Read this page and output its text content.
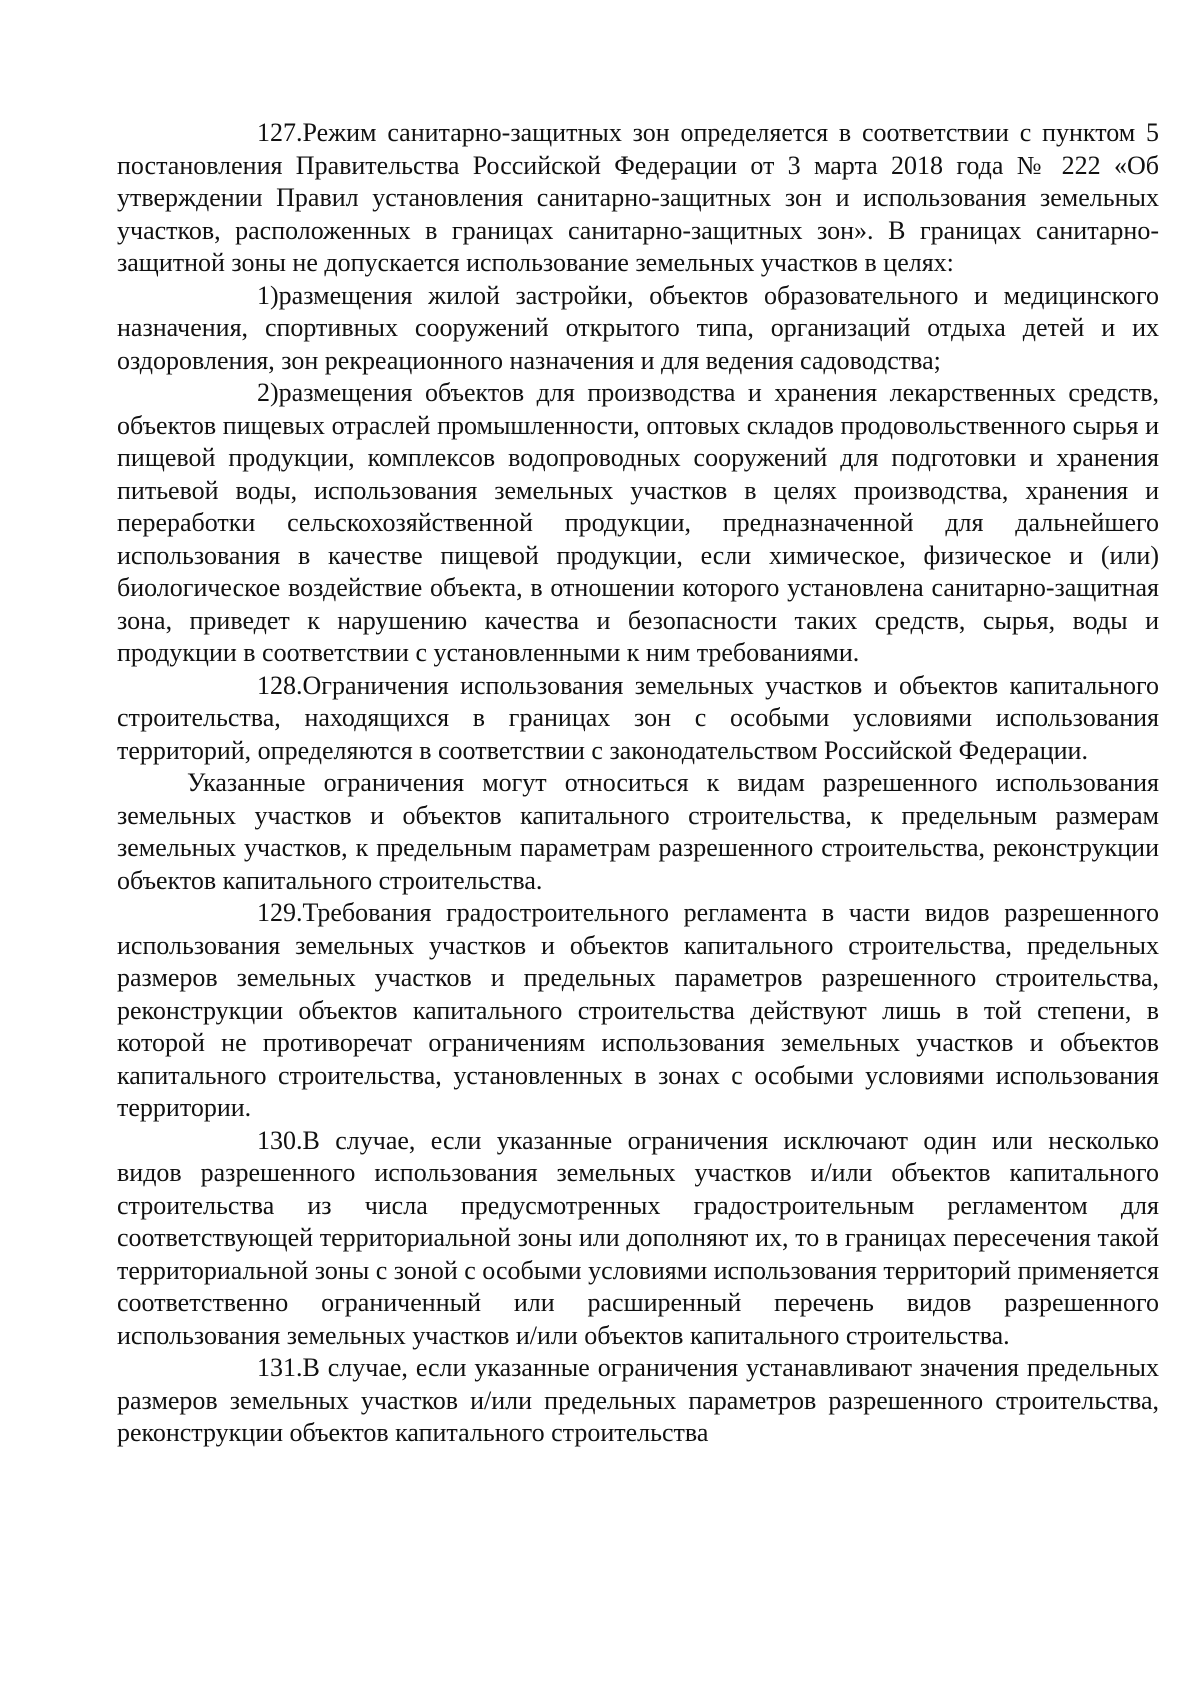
127.Режим санитарно-защитных зон определяется в соответствии с пунктом 5 постановления Правительства Российской Федерации от 3 марта 2018 года № 222 «Об утверждении Правил установления санитарно-защитных зон и использования земельных участков, расположенных в границах санитарно-защитных зон». В границах санитарно-защитной зоны не допускается использование земельных участков в целях:

1)размещения жилой застройки, объектов образовательного и медицинского назначения, спортивных сооружений открытого типа, организаций отдыха детей и их оздоровления, зон рекреационного назначения и для ведения садоводства;

2)размещения объектов для производства и хранения лекарственных средств, объектов пищевых отраслей промышленности, оптовых складов продовольственного сырья и пищевой продукции, комплексов водопроводных сооружений для подготовки и хранения питьевой воды, использования земельных участков в целях производства, хранения и переработки сельскохозяйственной продукции, предназначенной для дальнейшего использования в качестве пищевой продукции, если химическое, физическое и (или) биологическое воздействие объекта, в отношении которого установлена санитарно-защитная зона, приведет к нарушению качества и безопасности таких средств, сырья, воды и продукции в соответствии с установленными к ним требованиями.

128.Ограничения использования земельных участков и объектов капитального строительства, находящихся в границах зон с особыми условиями использования территорий, определяются в соответствии с законодательством Российской Федерации.

Указанные ограничения могут относиться к видам разрешенного использования земельных участков и объектов капитального строительства, к предельным размерам земельных участков, к предельным параметрам разрешенного строительства, реконструкции объектов капитального строительства.

129.Требования градостроительного регламента в части видов разрешенного использования земельных участков и объектов капитального строительства, предельных размеров земельных участков и предельных параметров разрешенного строительства, реконструкции объектов капитального строительства действуют лишь в той степени, в которой не противоречат ограничениям использования земельных участков и объектов капитального строительства, установленных в зонах с особыми условиями использования территории.

130.В случае, если указанные ограничения исключают один или несколько видов разрешенного использования земельных участков и/или объектов капитального строительства из числа предусмотренных градостроительным регламентом для соответствующей территориальной зоны или дополняют их, то в границах пересечения такой территориальной зоны с зоной с особыми условиями использования территорий применяется соответственно ограниченный или расширенный перечень видов разрешенного использования земельных участков и/или объектов капитального строительства.

131.В случае, если указанные ограничения устанавливают значения предельных размеров земельных участков и/или предельных параметров разрешенного строительства, реконструкции объектов капитального строительства
